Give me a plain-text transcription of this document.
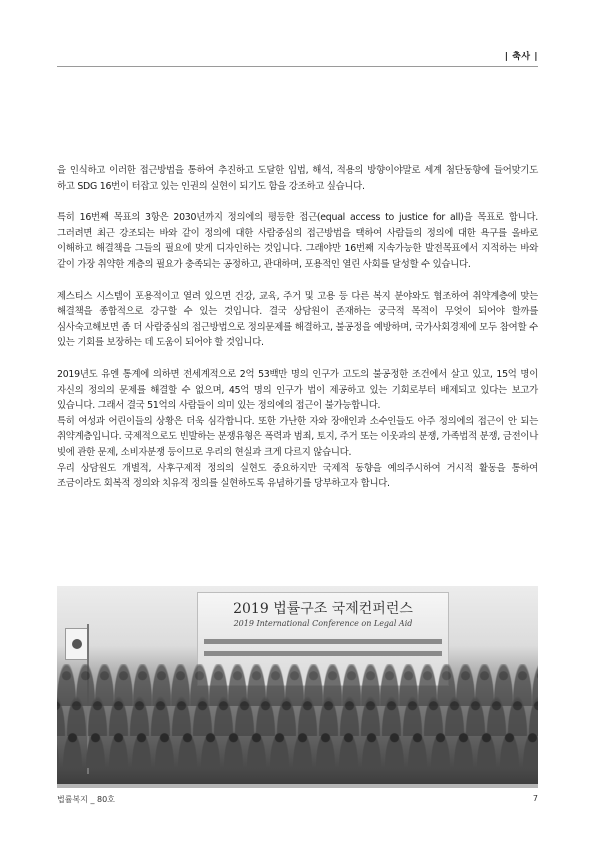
| 축사 |

을 인식하고 이러한 접근방법을 통하여 추진하고 도달한 입법, 해석, 적용의 방향이야말로 세계 첨단동향에 들어맞기도 하고 SDG 16번이 터잡고 있는 인권의 실현이 되기도 함을 강조하고 싶습니다.

특히 16번째 목표의 3항은 2030년까지 정의에의 평등한 접근(equal access to justice for all)을 목표로 합니다. 그러려면 최근 강조되는 바와 같이 정의에 대한 사람중심의 접근방법을 택하여 사람들의 정의에 대한 욕구를 올바로 이해하고 해결책을 그들의 필요에 맞게 디자인하는 것입니다. 그래야만 16번째 지속가능한 발전목표에서 지적하는 바와 같이 가장 취약한 계층의 필요가 충족되는 공정하고, 관대하며, 포용적인 열린 사회를 달성할 수 있습니다.

제스티스 시스템이 포용적이고 열려 있으면 건강, 교육, 주거 및 고용 등 다른 복지 분야와도 협조하여 취약계층에 맞는 해결책을 종합적으로 강구할 수 있는 것입니다. 결국 상담원이 존재하는 궁극적 목적이 무엇이 되어야 할까를 심사숙고해보면 좀 더 사람중심의 접근방법으로 정의문제를 해결하고, 불공정을 예방하며, 국가사회경제에 모두 참여할 수 있는 기회를 보장하는 데 도움이 되어야 할 것입니다.

2019년도 유엔 통계에 의하면 전세계적으로 2억 53백만 명의 인구가 고도의 불공정한 조건에서 살고 있고, 15억 명이 자신의 정의의 문제를 해결할 수 없으며, 45억 명의 인구가 법이 제공하고 있는 기회로부터 배제되고 있다는 보고가 있습니다. 그래서 결국 51억의 사람들이 의미 있는 정의에의 접근이 불가능합니다.

특히 여성과 어린이들의 상황은 더욱 심각합니다. 또한 가난한 자와 장애인과 소수인들도 아주 정의에의 접근이 안 되는 취약계층입니다. 국제적으로도 빈발하는 분쟁유형은 폭력과 범죄, 토지, 주거 또는 이웃과의 분쟁, 가족법적 분쟁, 금전이나 빚에 관한 문제, 소비자분쟁 등이므로 우리의 현실과 크게 다르지 않습니다.

우리 상담원도 개별적, 사후구제적 정의의 실현도 중요하지만 국제적 동향을 예의주시하여 거시적 활동을 통하여 조금이라도 회복적 정의와 치유적 정의를 실현하도록 유념하기를 당부하고자 합니다.

2019 법률구조 국제컨퍼런스
2019 International Conference on Legal Aid
법률복지 _ 80호	7
